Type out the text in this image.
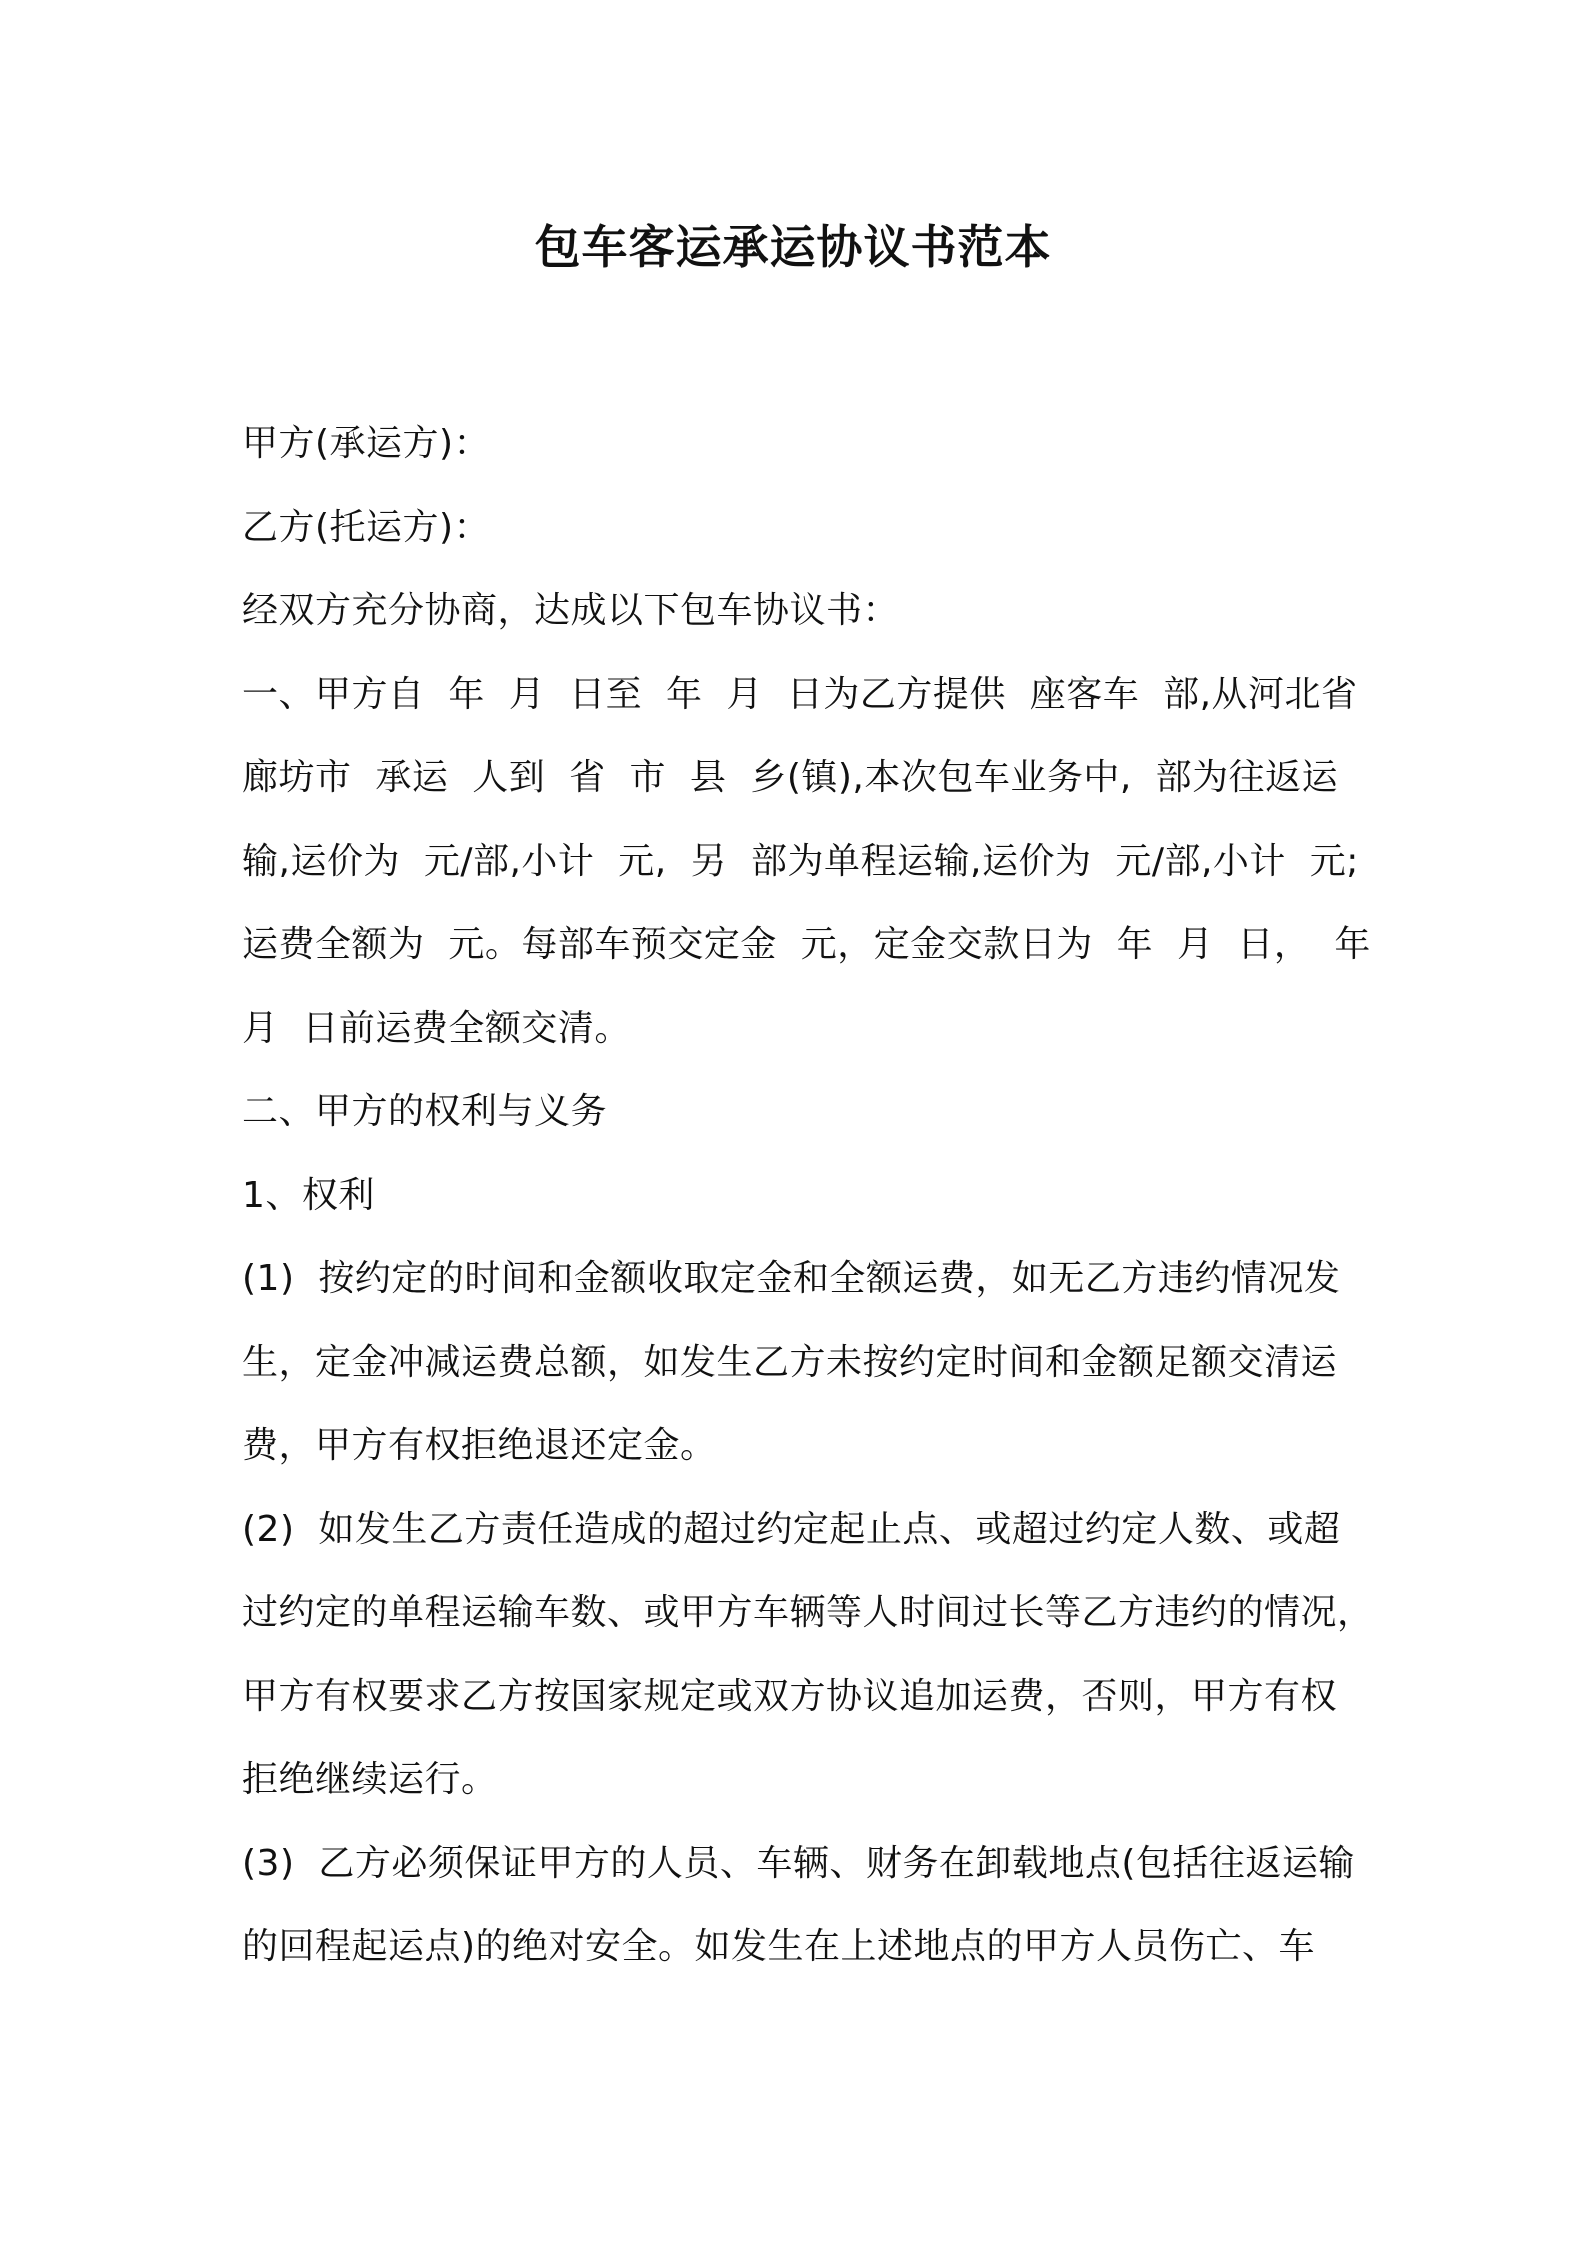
包车客运承运协议书范本

甲方(承运方)：

乙方(托运方)：

经双方充分协商，达成以下包车协议书：

一、甲方自  年  月  日至  年  月  日为乙方提供  座客车  部,从河北省

廊坊市  承运  人到  省  市  县  乡(镇),本次包车业务中,  部为往返运

输,运价为  元/部,小计  元,  另  部为单程运输,运价为  元/部,小计  元;

运费全额为  元。每部车预交定金  元，定金交款日为  年  月  日，  年

月  日前运费全额交清。

二、甲方的权利与义务

1、权利

(1)  按约定的时间和金额收取定金和全额运费，如无乙方违约情况发

生，定金冲减运费总额，如发生乙方未按约定时间和金额足额交清运

费，甲方有权拒绝退还定金。

(2)  如发生乙方责任造成的超过约定起止点、或超过约定人数、或超

过约定的单程运输车数、或甲方车辆等人时间过长等乙方违约的情况，

甲方有权要求乙方按国家规定或双方协议追加运费，否则，甲方有权

拒绝继续运行。

(3)  乙方必须保证甲方的人员、车辆、财务在卸载地点(包括往返运输

的回程起运点)的绝对安全。如发生在上述地点的甲方人员伤亡、车
